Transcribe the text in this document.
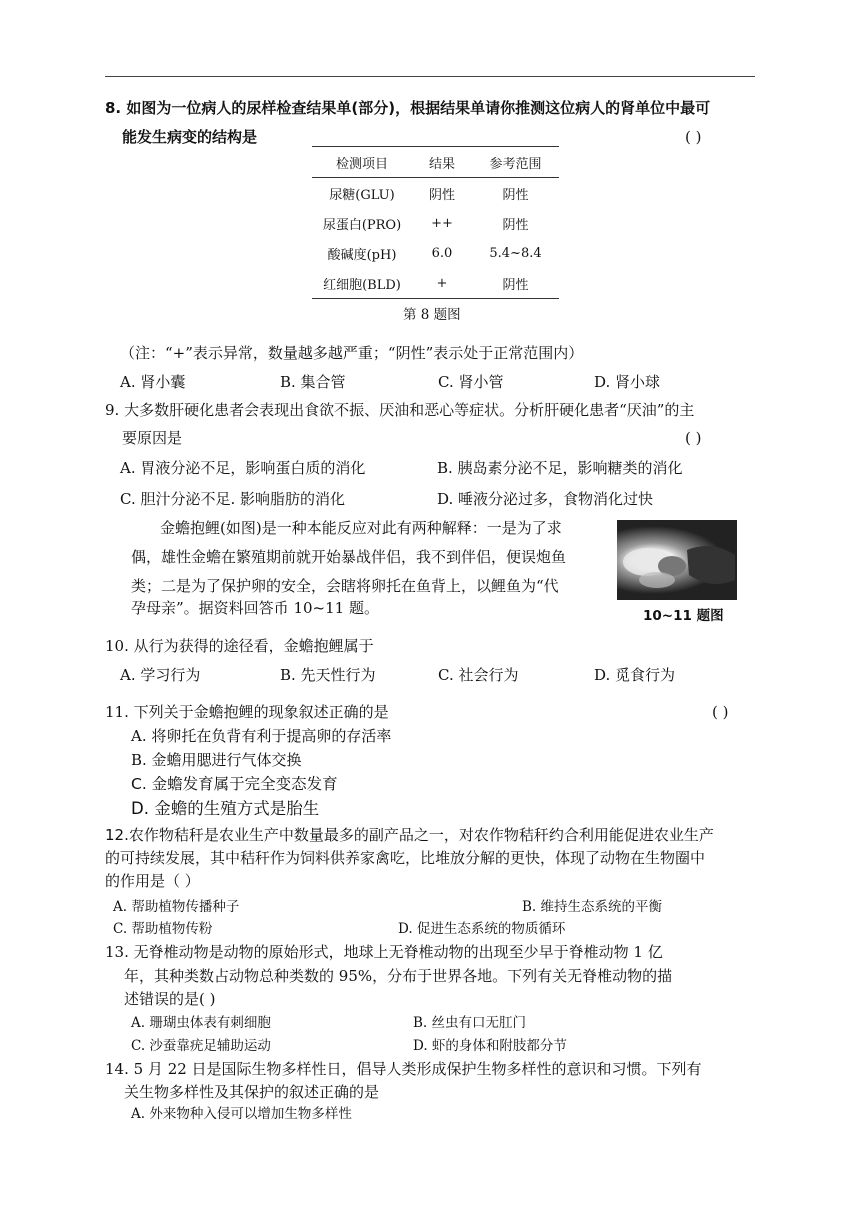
8. 如图为一位病人的尿样检查结果单(部分)，根据结果单请你推测这位病人的肾单位中最可
能发生病变的结构是	( )
检测项目	结果	参考范围
尿糖(GLU)	阴性	阴性
尿蛋白(PRO)	++	阴性
酸碱度(pH)	6.0	5.4~8.4
红细胞(BLD)	+	阴性
第 8 题图
（注：“+”表示异常，数量越多越严重；“阴性”表示处于正常范围内）
A. 肾小囊	B. 集合管	C. 肾小管	D. 肾小球
9. 大多数肝硬化患者会表现出食欲不振、厌油和恶心等症状。分析肝硬化患者“厌油”的主
要原因是	( )
A. 胃液分泌不足，影响蛋白质的消化	B. 胰岛素分泌不足，影响糖类的消化
C. 胆汁分泌不足. 影响脂肪的消化	D. 唾液分泌过多，食物消化过快
金蟾抱鲤(如图)是一种本能反应对此有两种解释：一是为了求
偶，雄性金蟾在繁殖期前就开始暴战伴侣，我不到伴侣，便误炮鱼
类；二是为了保护卵的安全，会瞎将卵托在鱼背上，以鲤鱼为“代
孕母亲”。据资料回答币 10~11 题。	10~11 题图
10. 从行为获得的途径看，金蟾抱鲤属于
A. 学习行为	B. 先天性行为	C. 社会行为	D. 觅食行为
11. 下列关于金蟾抱鲤的现象叙述正确的是	( )
A. 将卵托在负背有利于提高卵的存活率
B. 金蟾用腮进行气体交换
C. 金蟾发育属于完全变态发育
D. 金蟾的生殖方式是胎生
12.农作物秸秆是农业生产中数量最多的副产品之一，对农作物秸秆约合利用能促进农业生产
的可持续发展，其中秸秆作为饲料供养家禽吃，比堆放分解的更快，体现了动物在生物圈中
的作用是（ ）
A. 帮助植物传播种子	B. 维持生态系统的平衡
C. 帮助植物传粉	D. 促进生态系统的物质循环
13. 无脊椎动物是动物的原始形式，地球上无脊椎动物的出现至少早于脊椎动物 1 亿
年，其种类数占动物总种类数的 95%，分布于世界各地。下列有关无脊椎动物的描
述错误的是( )
A. 珊瑚虫体表有刺细胞	B. 丝虫有口无肛门
C. 沙蚕靠疣足辅助运动	D. 虾的身体和附肢都分节
14. 5 月 22 日是国际生物多样性日，倡导人类形成保护生物多样性的意识和习惯。下列有
关生物多样性及其保护的叙述正确的是
A. 外来物种入侵可以增加生物多样性
